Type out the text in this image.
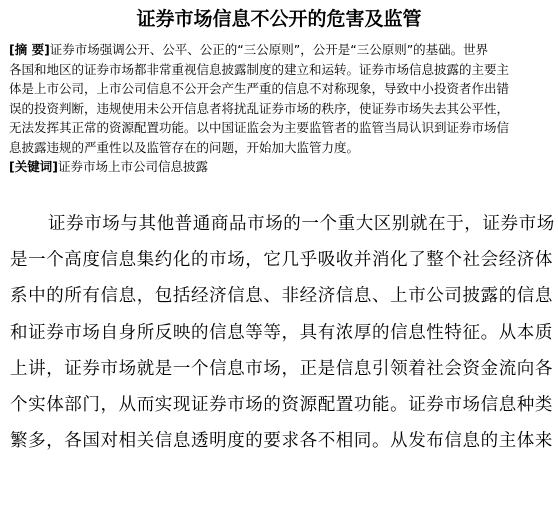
证券市场信息不公开的危害及监管
[摘 要]证券市场强调公开、公平、公正的“三公原则”，公开是“三公原则”的基础。世界
各国和地区的证券市场都非常重视信息披露制度的建立和运转。证券市场信息披露的主要主
体是上市公司，上市公司信息不公开会产生严重的信息不对称现象，导致中小投资者作出错
误的投资判断，违规使用未公开信息者将扰乱证券市场的秩序，使证券市场失去其公平性，
无法发挥其正常的资源配置功能。以中国证监会为主要监管者的监管当局认识到证券市场信
息披露违规的严重性以及监管存在的问题，开始加大监管力度。
[关键词]证券市场上市公司信息披露
证券市场与其他普通商品市场的一个重大区别就在于，证券市场
是一个高度信息集约化的市场，它几乎吸收并消化了整个社会经济体
系中的所有信息，包括经济信息、非经济信息、上市公司披露的信息
和证券市场自身所反映的信息等等，具有浓厚的信息性特征。从本质
上讲，证券市场就是一个信息市场，正是信息引领着社会资金流向各
个实体部门，从而实现证券市场的资源配置功能。证券市场信息种类
繁多，各国对相关信息透明度的要求各不相同。从发布信息的主体来
